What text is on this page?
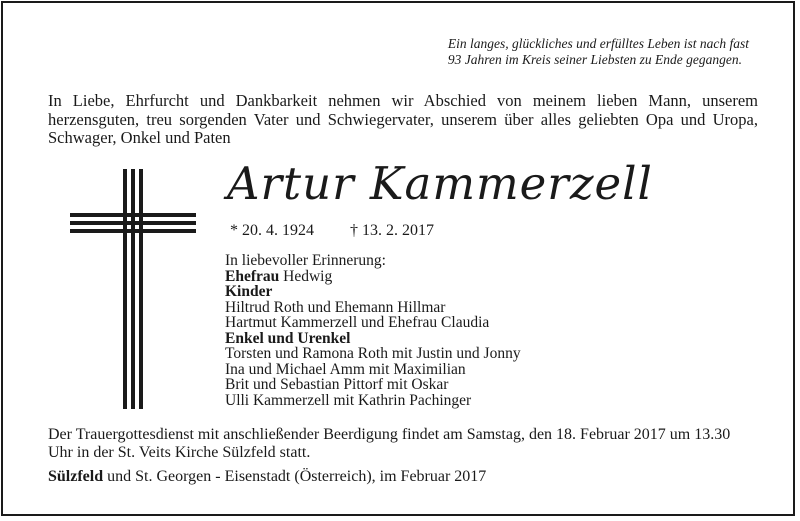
Ein langes, glückliches und erfülltes Leben ist nach fast
93 Jahren im Kreis seiner Liebsten zu Ende gegangen.
In Liebe, Ehrfurcht und Dankbarkeit nehmen wir Abschied von meinem lieben Mann, unserem herzensguten, treu sorgenden Vater und Schwiegervater, unserem über alles geliebten Opa und Uropa, Schwager, Onkel und Paten
Artur Kammerzell
* 20. 4. 1924 † 13. 2. 2017
In liebevoller Erinnerung:
Ehefrau Hedwig
Kinder
Hiltrud Roth und Ehemann Hillmar
Hartmut Kammerzell und Ehefrau Claudia
Enkel und Urenkel
Torsten und Ramona Roth mit Justin und Jonny
Ina und Michael Amm mit Maximilian
Brit und Sebastian Pittorf mit Oskar
Ulli Kammerzell mit Kathrin Pachinger
Der Trauergottesdienst mit anschließender Beerdigung findet am Samstag, den 18. Februar 2017 um 13.30 Uhr in der St. Veits Kirche Sülzfeld statt.
Sülzfeld und St. Georgen - Eisenstadt (Österreich), im Februar 2017
